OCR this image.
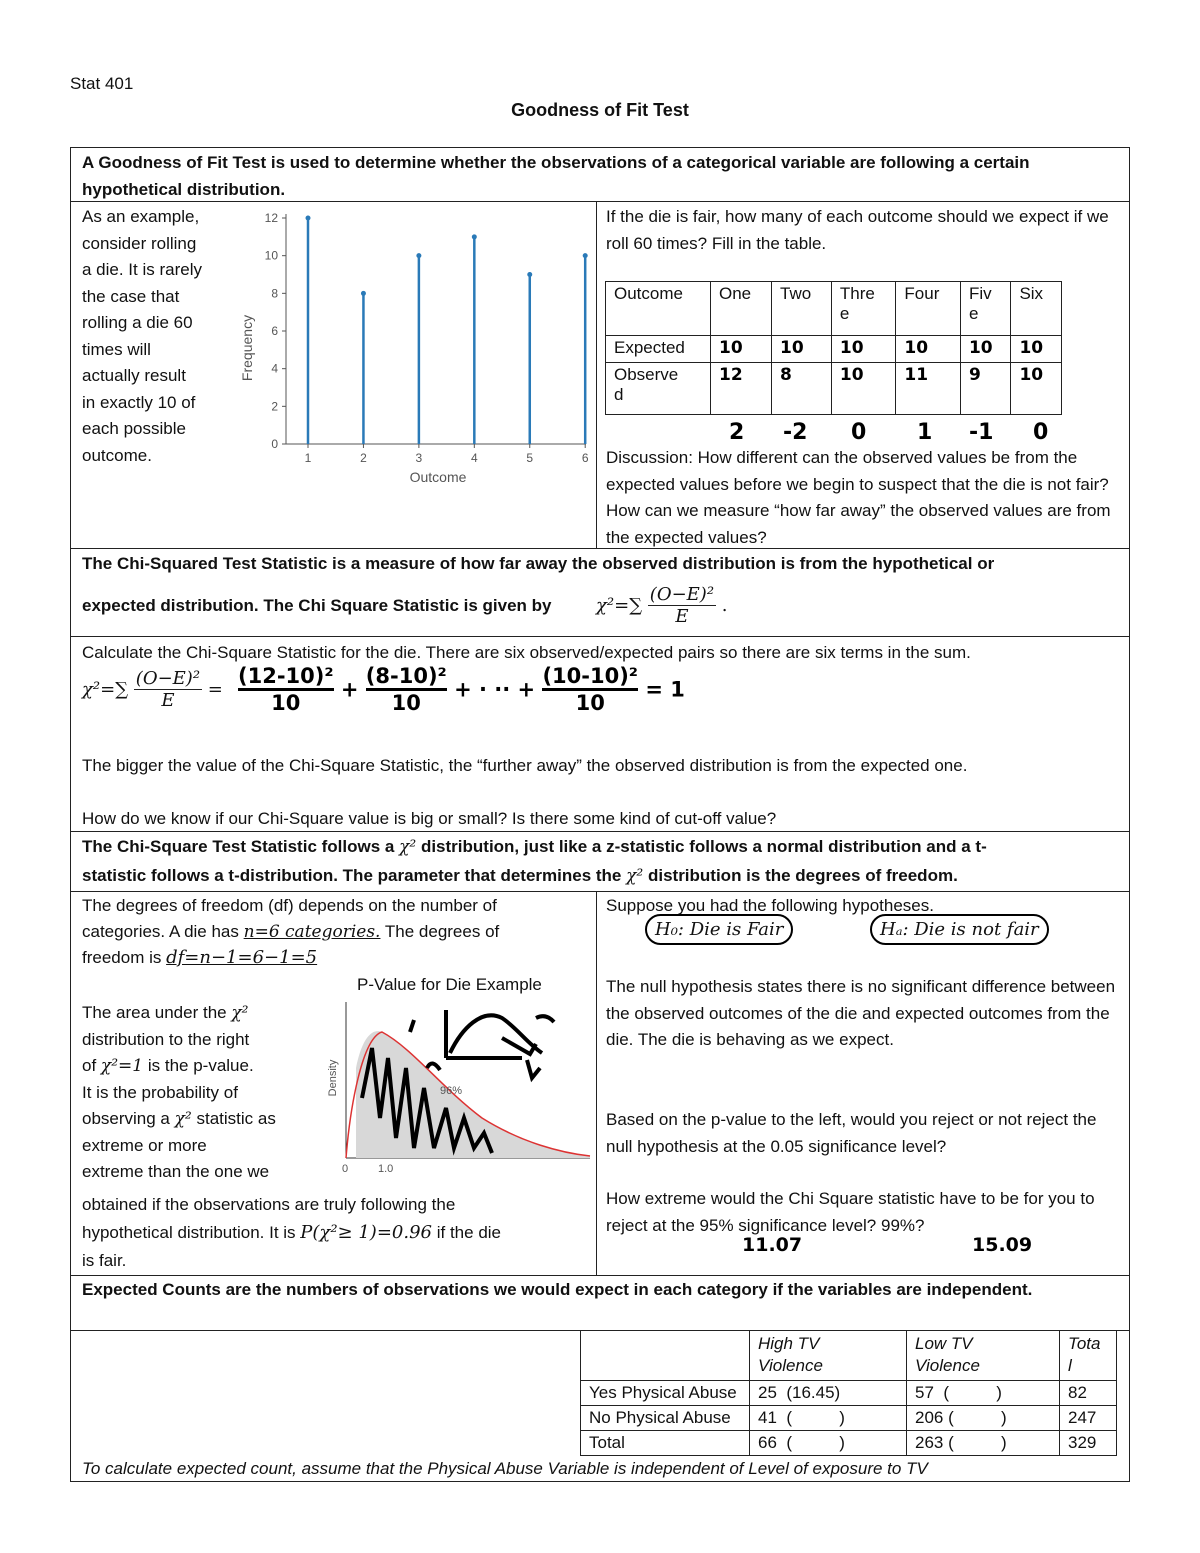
Stat 401
Goodness of Fit Test
A Goodness of Fit Test is used to determine whether the observations of a categorical variable are following a certain hypothetical distribution.
As an example,
consider rolling
a die. It is rarely
the case that
rolling a die 60
times will
actually result
in exactly 10 of
each possible
outcome.
Frequency
Outcome
0
2
4
6
8
10
12
1	2	3	4	5	6
If the die is fair, how many of each outcome should we expect if we roll 60 times? Fill in the table.
Outcome	One	Two	Thre
e	Four	Fiv
e	Six
Expected	10	10	10	10	10	10
Observe
d	12	8	10	11	9	10
2 -2 0 1 -1 0
Discussion: How different can the observed values be from the expected values before we begin to suspect that the die is not fair? How can we measure “how far away” the observed values are from the expected values?
The Chi-Squared Test Statistic is a measure of how far away the observed distribution is from the hypothetical or
expected distribution. The Chi Square Statistic is given by $\chi^2=\sum \frac{\text{(O−E)²}}{E}$ .
Calculate the Chi-Square Statistic for the die. There are six observed/expected pairs so there are six terms in the sum.
$\chi^2=\sum \frac{\text{(O−E)²}}{E} = \frac{\text{(12-10)²}}{10} + \frac{\text{(8-10)²}}{10}$ + · ·· + $\frac{\text{(10-10)²}}{10} = 1$
The bigger the value of the Chi-Square Statistic, the “further away” the observed distribution is from the expected one.
How do we know if our Chi-Square value is big or small? Is there some kind of cut-off value?
The Chi-Square Test Statistic follows a χ² distribution, just like a z-statistic follows a normal distribution and a t-
statistic follows a t-distribution. The parameter that determines the χ² distribution is the degrees of freedom.
The degrees of freedom (df) depends on the number of
categories. A die has n=6 categories. The degrees of
freedom is df=n−1=6−1=5
P-Value for Die Example
The area under the χ²
distribution to the right
of χ²=1 is the p-value.
It is the probability of
observing a χ² statistic as
extreme or more
extreme than the one we
Density	96%
0	1.0
obtained if the observations are truly following the
hypothetical distribution. It is P(χ²≥ 1)=0.96 if the die
is fair.
Suppose you had the following hypotheses.
H₀: Die is Fair	Hₐ: Die is not fair
The null hypothesis states there is no significant difference between the observed outcomes of the die and expected outcomes from the die. The die is behaving as we expect.
Based on the p-value to the left, would you reject or not reject the null hypothesis at the 0.05 significance level?
How extreme would the Chi Square statistic have to be for you to reject at the 95% significance level? 99%?
11.07	15.09
Expected Counts are the numbers of observations we would expect in each category if the variables are independent.
	High TV
Violence	Low TV
Violence	Tota
l
Yes Physical Abuse	25  (16.45)	57  (          )	82
No Physical Abuse	41  (          )	206 (          )	247
Total	66  (          )	263 (          )	329
To calculate expected count, assume that the Physical Abuse Variable is independent of Level of exposure to TV
